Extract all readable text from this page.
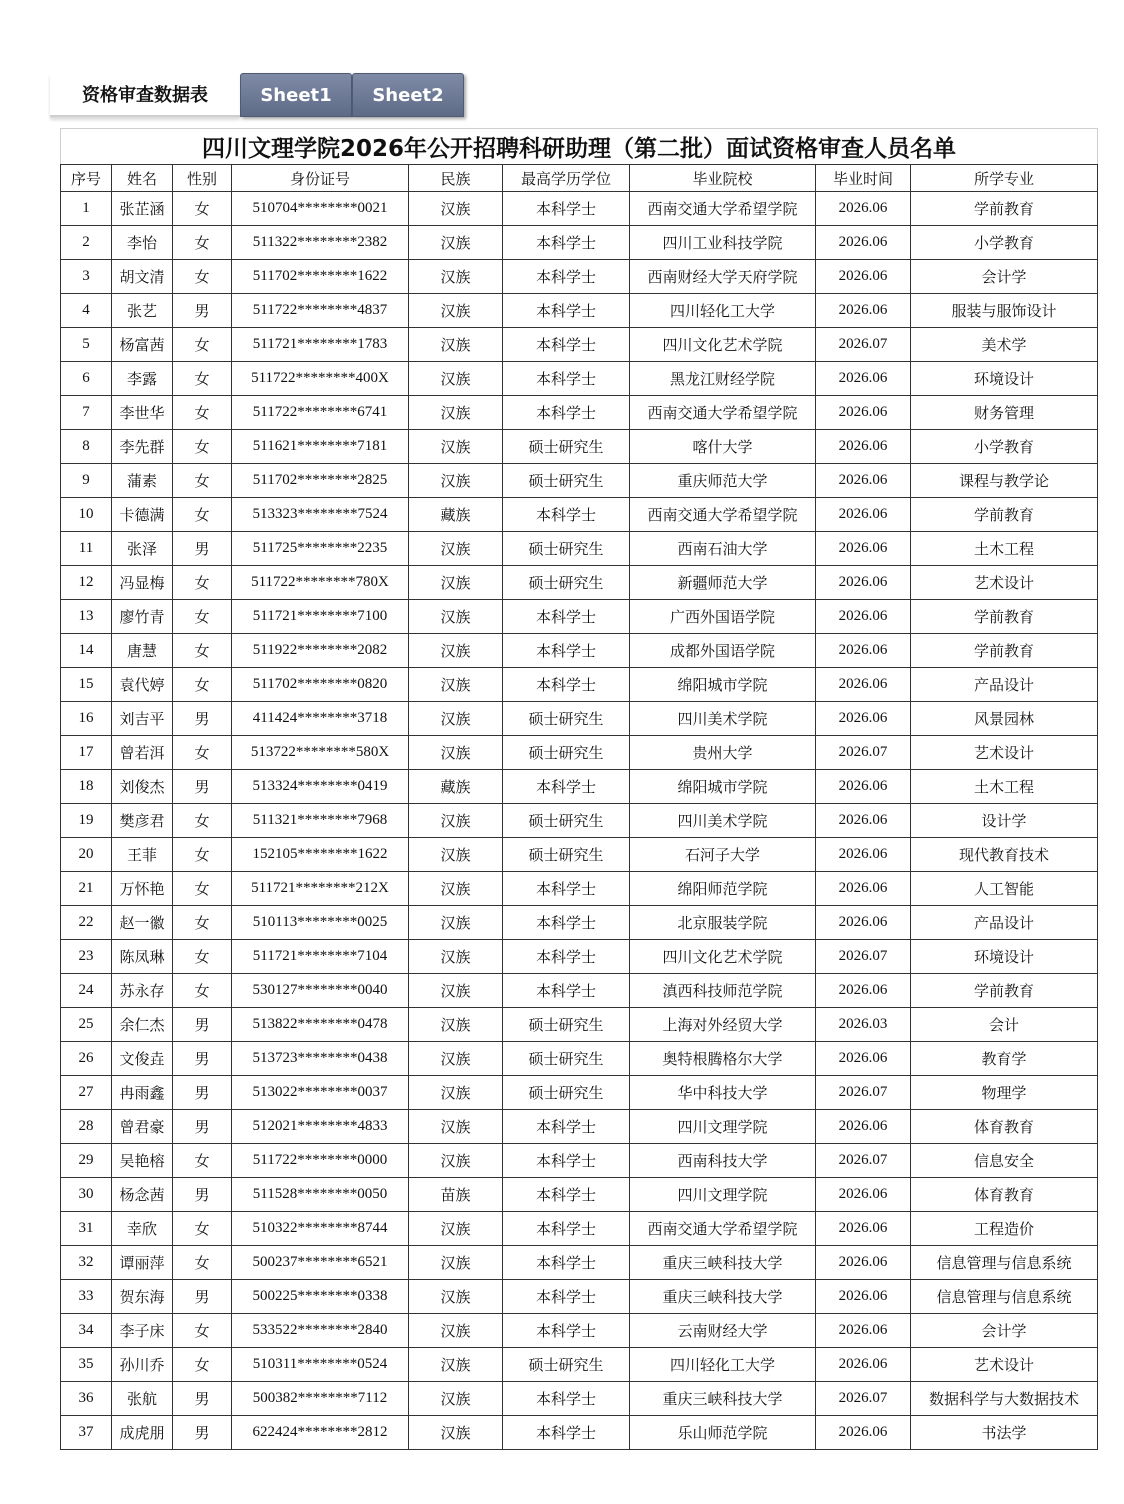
资格审查数据表	Sheet1	Sheet2
四川文理学院2026年公开招聘科研助理（第二批）面试资格审查人员名单								
序号	姓名	性别	身份证号	民族	最高学历学位	毕业院校	毕业时间	所学专业
1	张芷涵	女	510704********0021	汉族	本科学士	西南交通大学希望学院	2026.06	学前教育
2	李怡	女	511322********2382	汉族	本科学士	四川工业科技学院	2026.06	小学教育
3	胡文清	女	511702********1622	汉族	本科学士	西南财经大学天府学院	2026.06	会计学
4	张艺	男	511722********4837	汉族	本科学士	四川轻化工大学	2026.06	服装与服饰设计
5	杨富茜	女	511721********1783	汉族	本科学士	四川文化艺术学院	2026.07	美术学
6	李露	女	511722********400X	汉族	本科学士	黑龙江财经学院	2026.06	环境设计
7	李世华	女	511722********6741	汉族	本科学士	西南交通大学希望学院	2026.06	财务管理
8	李先群	女	511621********7181	汉族	硕士研究生	喀什大学	2026.06	小学教育
9	蒲素	女	511702********2825	汉族	硕士研究生	重庆师范大学	2026.06	课程与教学论
10	卡德满	女	513323********7524	藏族	本科学士	西南交通大学希望学院	2026.06	学前教育
11	张泽	男	511725********2235	汉族	硕士研究生	西南石油大学	2026.06	土木工程
12	冯显梅	女	511722********780X	汉族	硕士研究生	新疆师范大学	2026.06	艺术设计
13	廖竹青	女	511721********7100	汉族	本科学士	广西外国语学院	2026.06	学前教育
14	唐慧	女	511922********2082	汉族	本科学士	成都外国语学院	2026.06	学前教育
15	袁代婷	女	511702********0820	汉族	本科学士	绵阳城市学院	2026.06	产品设计
16	刘吉平	男	411424********3718	汉族	硕士研究生	四川美术学院	2026.06	风景园林
17	曾若洱	女	513722********580X	汉族	硕士研究生	贵州大学	2026.07	艺术设计
18	刘俊杰	男	513324********0419	藏族	本科学士	绵阳城市学院	2026.06	土木工程
19	樊彦君	女	511321********7968	汉族	硕士研究生	四川美术学院	2026.06	设计学
20	王菲	女	152105********1622	汉族	硕士研究生	石河子大学	2026.06	现代教育技术
21	万怀艳	女	511721********212X	汉族	本科学士	绵阳师范学院	2026.06	人工智能
22	赵一徽	女	510113********0025	汉族	本科学士	北京服装学院	2026.06	产品设计
23	陈凤琳	女	511721********7104	汉族	本科学士	四川文化艺术学院	2026.07	环境设计
24	苏永存	女	530127********0040	汉族	本科学士	滇西科技师范学院	2026.06	学前教育
25	余仁杰	男	513822********0478	汉族	硕士研究生	上海对外经贸大学	2026.03	会计
26	文俊垚	男	513723********0438	汉族	硕士研究生	奥特根腾格尔大学	2026.06	教育学
27	冉雨鑫	男	513022********0037	汉族	硕士研究生	华中科技大学	2026.07	物理学
28	曾君豪	男	512021********4833	汉族	本科学士	四川文理学院	2026.06	体育教育
29	吴艳榕	女	511722********0000	汉族	本科学士	西南科技大学	2026.07	信息安全
30	杨念茜	男	511528********0050	苗族	本科学士	四川文理学院	2026.06	体育教育
31	幸欣	女	510322********8744	汉族	本科学士	西南交通大学希望学院	2026.06	工程造价
32	谭丽萍	女	500237********6521	汉族	本科学士	重庆三峡科技大学	2026.06	信息管理与信息系统
33	贺东海	男	500225********0338	汉族	本科学士	重庆三峡科技大学	2026.06	信息管理与信息系统
34	李子床	女	533522********2840	汉族	本科学士	云南财经大学	2026.06	会计学
35	孙川乔	女	510311********0524	汉族	硕士研究生	四川轻化工大学	2026.06	艺术设计
36	张航	男	500382********7112	汉族	本科学士	重庆三峡科技大学	2026.07	数据科学与大数据技术
37	成虎朋	男	622424********2812	汉族	本科学士	乐山师范学院	2026.06	书法学
